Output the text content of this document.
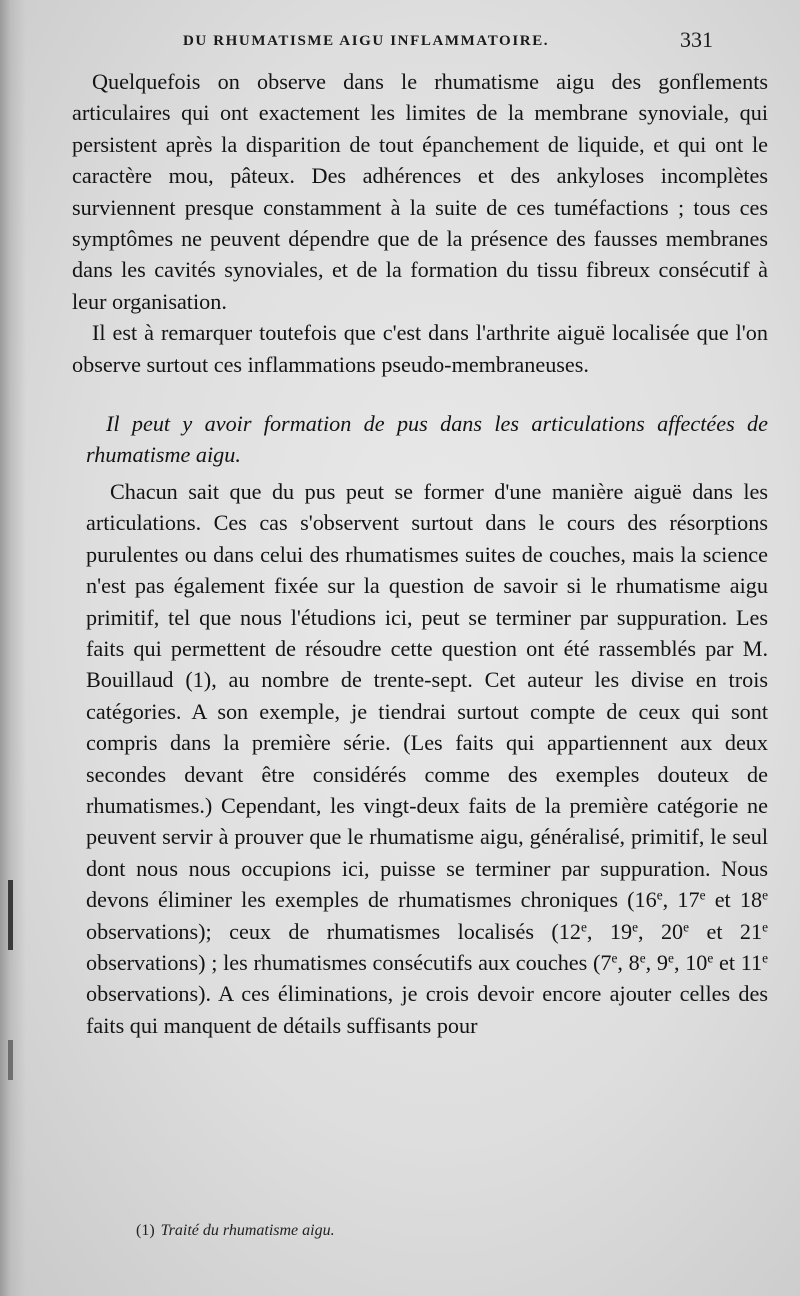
DU RHUMATISME AIGU INFLAMMATOIRE.	331

Quelquefois on observe dans le rhumatisme aigu des gonflements articulaires qui ont exactement les limites de la membrane synoviale, qui persistent après la disparition de tout épanchement de liquide, et qui ont le caractère mou, pâteux. Des adhérences et des ankyloses incomplètes surviennent presque constamment à la suite de ces tuméfactions ; tous ces symptômes ne peuvent dépendre que de la présence des fausses membranes dans les cavités synoviales, et de la formation du tissu fibreux consécutif à leur organisation.

Il est à remarquer toutefois que c'est dans l'arthrite aiguë localisée que l'on observe surtout ces inflammations pseudo-membraneuses.

Il peut y avoir formation de pus dans les articulations affectées de rhumatisme aigu.

Chacun sait que du pus peut se former d'une manière aiguë dans les articulations. Ces cas s'observent surtout dans le cours des résorptions purulentes ou dans celui des rhumatismes suites de couches, mais la science n'est pas également fixée sur la question de savoir si le rhumatisme aigu primitif, tel que nous l'étudions ici, peut se terminer par suppuration. Les faits qui permettent de résoudre cette question ont été rassemblés par M. Bouillaud (1), au nombre de trente-sept. Cet auteur les divise en trois catégories. A son exemple, je tiendrai surtout compte de ceux qui sont compris dans la première série. (Les faits qui appartiennent aux deux secondes devant être considérés comme des exemples douteux de rhumatismes.) Cependant, les vingt-deux faits de la première catégorie ne peuvent servir à prouver que le rhumatisme aigu, généralisé, primitif, le seul dont nous nous occupions ici, puisse se terminer par suppuration. Nous devons éliminer les exemples de rhumatismes chroniques (16e, 17e et 18e observations); ceux de rhumatismes localisés (12e, 19e, 20e et 21e observations) ; les rhumatismes consécutifs aux couches (7e, 8e, 9e, 10e et 11e observations). A ces éliminations, je crois devoir encore ajouter celles des faits qui manquent de détails suffisants pour

(1) Traité du rhumatisme aigu.
